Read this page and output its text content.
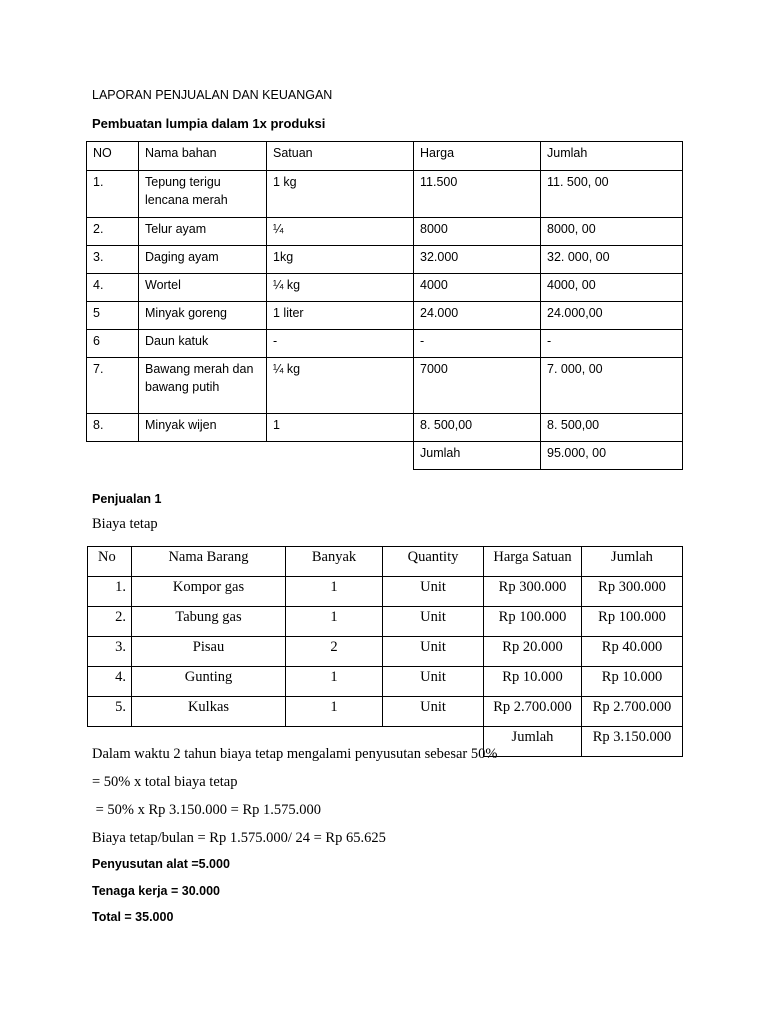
LAPORAN PENJUALAN DAN KEUANGAN
Pembuatan lumpia dalam 1x produksi
NO	Nama bahan	Satuan	Harga	Jumlah
1.	Tepung terigu lencana merah	1 kg	11.500	11. 500, 00
2.	Telur ayam	¼	8000	8000, 00
3.	Daging ayam	1kg	32.000	32. 000, 00
4.	Wortel	¼ kg	4000	4000, 00
5	Minyak goreng	1 liter	24.000	24.000,00
6	Daun katuk	-	-	-
7.	Bawang merah dan bawang putih	¼ kg	7000	7. 000, 00
8.	Minyak wijen	1	8. 500,00	8. 500,00
			Jumlah	95.000, 00
Penjualan 1
Biaya tetap
No	Nama Barang	Banyak	Quantity	Harga Satuan	Jumlah
1.	Kompor gas	1	Unit	Rp 300.000	Rp 300.000
2.	Tabung gas	1	Unit	Rp 100.000	Rp 100.000
3.	Pisau	2	Unit	Rp 20.000	Rp 40.000
4.	Gunting	1	Unit	Rp 10.000	Rp 10.000
5.	Kulkas	1	Unit	Rp 2.700.000	Rp 2.700.000
				Jumlah	Rp 3.150.000
Dalam waktu 2 tahun biaya tetap mengalami penyusutan sebesar 50%
= 50% x total biaya tetap
= 50% x Rp 3.150.000 = Rp 1.575.000
Biaya tetap/bulan = Rp 1.575.000/ 24 = Rp 65.625
Penyusutan alat =5.000
Tenaga kerja = 30.000
Total = 35.000
